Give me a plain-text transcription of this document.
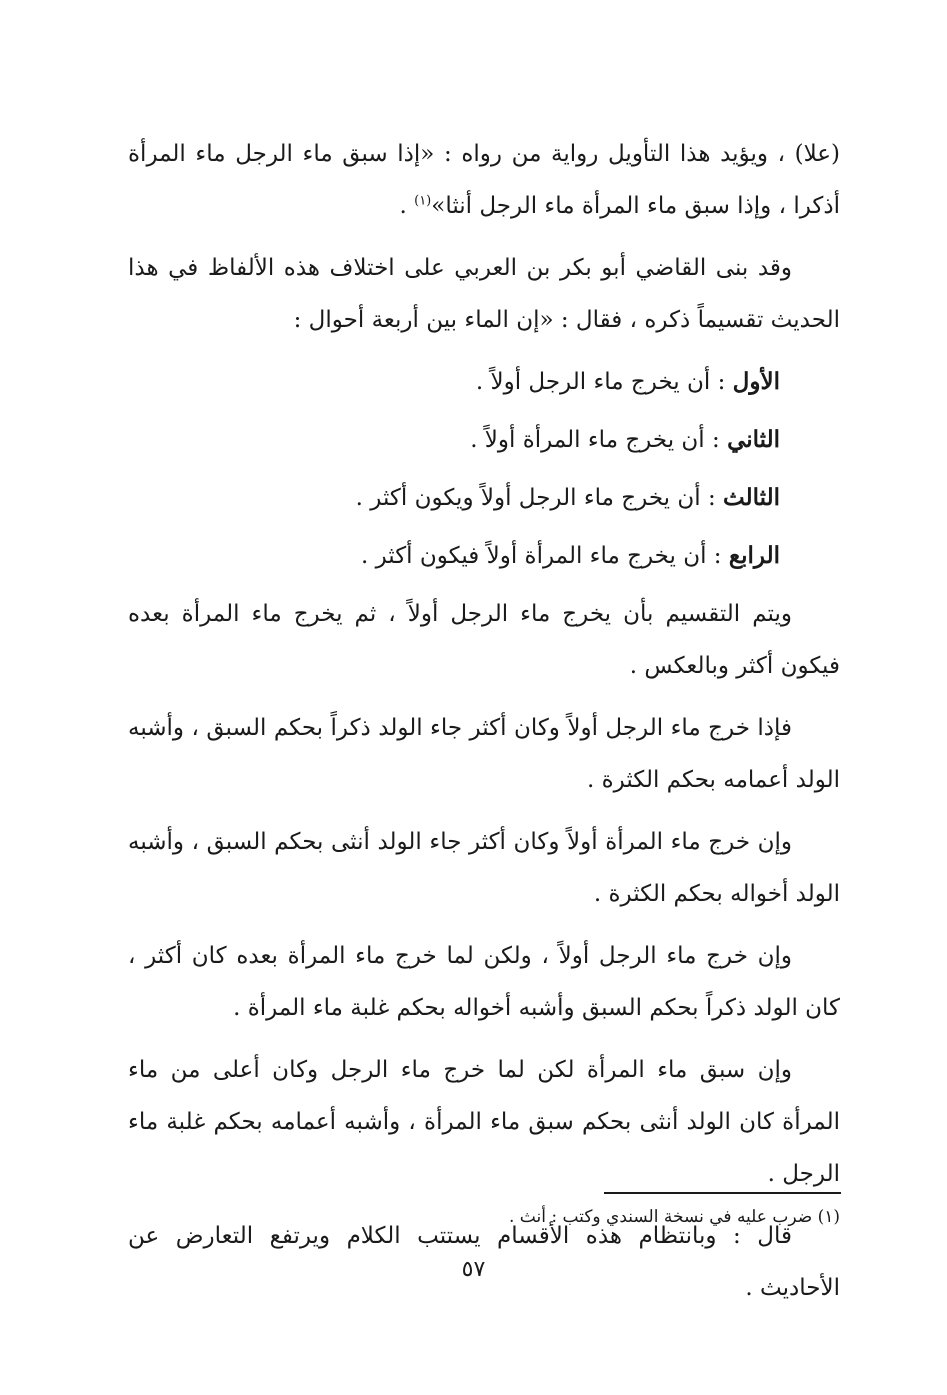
(علا) ، ويؤيد هذا التأويل رواية من رواه : «إذا سبق ماء الرجل ماء المرأة أذكرا ، وإذا سبق ماء المرأة ماء الرجل أنثا»$^{(١)}$ .

وقد بنى القاضي أبو بكر بن العربي على اختلاف هذه الألفاظ في هذا الحديث تقسيماً ذكره ، فقال : «إن الماء بين أربعة أحوال :

الأول : أن يخرج ماء الرجل أولاً .

الثاني : أن يخرج ماء المرأة أولاً .

الثالث : أن يخرج ماء الرجل أولاً ويكون أكثر .

الرابع : أن يخرج ماء المرأة أولاً فيكون أكثر .

ويتم التقسيم بأن يخرج ماء الرجل أولاً ، ثم يخرج ماء المرأة بعده فيكون أكثر وبالعكس .

فإذا خرج ماء الرجل أولاً وكان أكثر جاء الولد ذكراً بحكم السبق ، وأشبه الولد أعمامه بحكم الكثرة .

وإن خرج ماء المرأة أولاً وكان أكثر جاء الولد أنثى بحكم السبق ، وأشبه الولد أخواله بحكم الكثرة .

وإن خرج ماء الرجل أولاً ، ولكن لما خرج ماء المرأة بعده كان أكثر ، كان الولد ذكراً بحكم السبق وأشبه أخواله بحكم غلبة ماء المرأة .

وإن سبق ماء المرأة لكن لما خرج ماء الرجل وكان أعلى من ماء المرأة كان الولد أنثى بحكم سبق ماء المرأة ، وأشبه أعمامه بحكم غلبة ماء الرجل .

قال : وبانتظام هذه الأقسام يستتب الكلام ويرتفع التعارض عن الأحاديث .

(١) ضرب عليه في نسخة السندي وكتب : أنث .
٥٧
